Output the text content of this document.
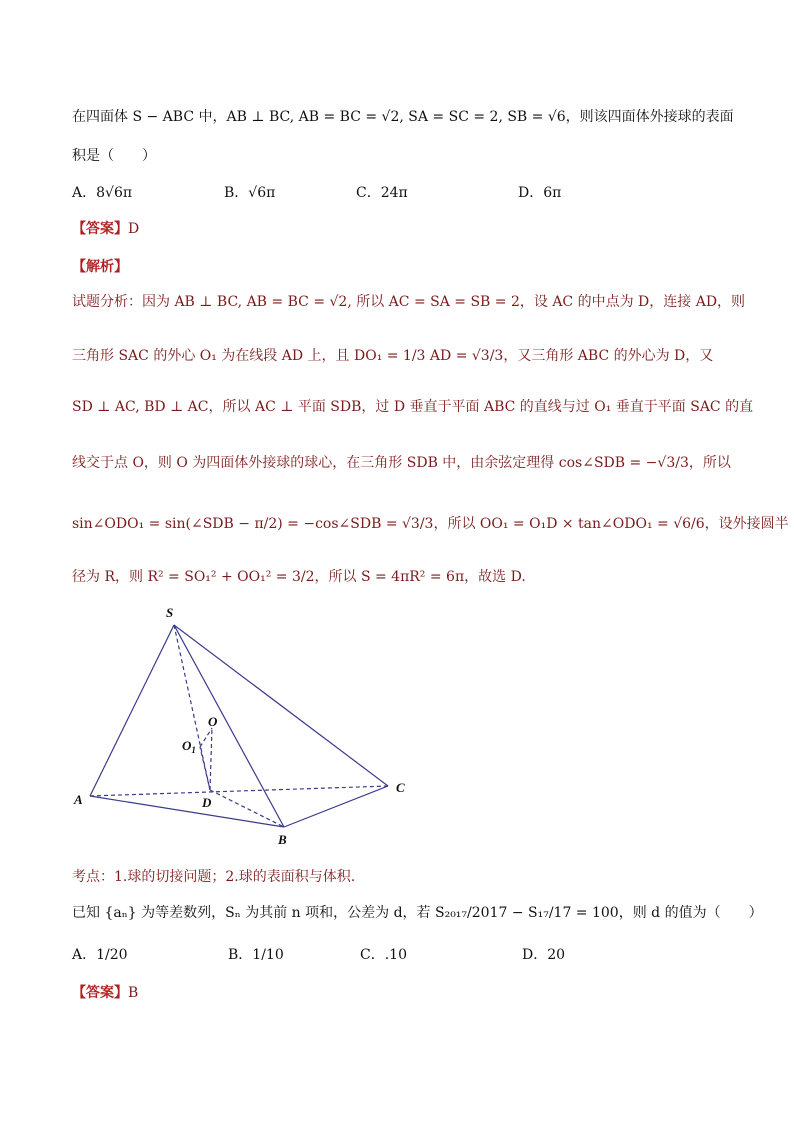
在四面体 S − ABC 中，AB ⊥ BC, AB = BC = √2, SA = SC = 2, SB = √6，则该四面体外接球的表面
积是（　　）
A．8√6π	B．√6π	C．24π	D．6π
【答案】D
【解析】
试题分析：因为 AB ⊥ BC, AB = BC = √2, 所以 AC = SA = SB = 2，设 AC 的中点为 D，连接 AD，则
三角形 SAC 的外心 O₁ 为在线段 AD 上，且 DO₁ = 1/3 AD = √3/3，又三角形 ABC 的外心为 D，又
SD ⊥ AC, BD ⊥ AC，所以 AC ⊥ 平面 SDB，过 D 垂直于平面 ABC 的直线与过 O₁ 垂直于平面 SAC 的直
线交于点 O，则 O 为四面体外接球的球心，在三角形 SDB 中，由余弦定理得 cos∠SDB = −√3/3，所以
sin∠ODO₁ = sin(∠SDB − π/2) = −cos∠SDB = √3/3，所以 OO₁ = O₁D × tan∠ODO₁ = √6/6，设外接圆半
径为 R，则 R² = SO₁² + OO₁² = 3/2，所以 S = 4πR² = 6π，故选 D.
S
O
$O_1$
A	D
B
C
考点：1.球的切接问题；2.球的表面积与体积.
已知 {aₙ} 为等差数列，Sₙ 为其前 n 项和，公差为 d，若 S₂₀₁₇/2017 − S₁₇/17 = 100，则 d 的值为（　　）
A．1/20	B．1/10	C．.10	D．20
【答案】B
